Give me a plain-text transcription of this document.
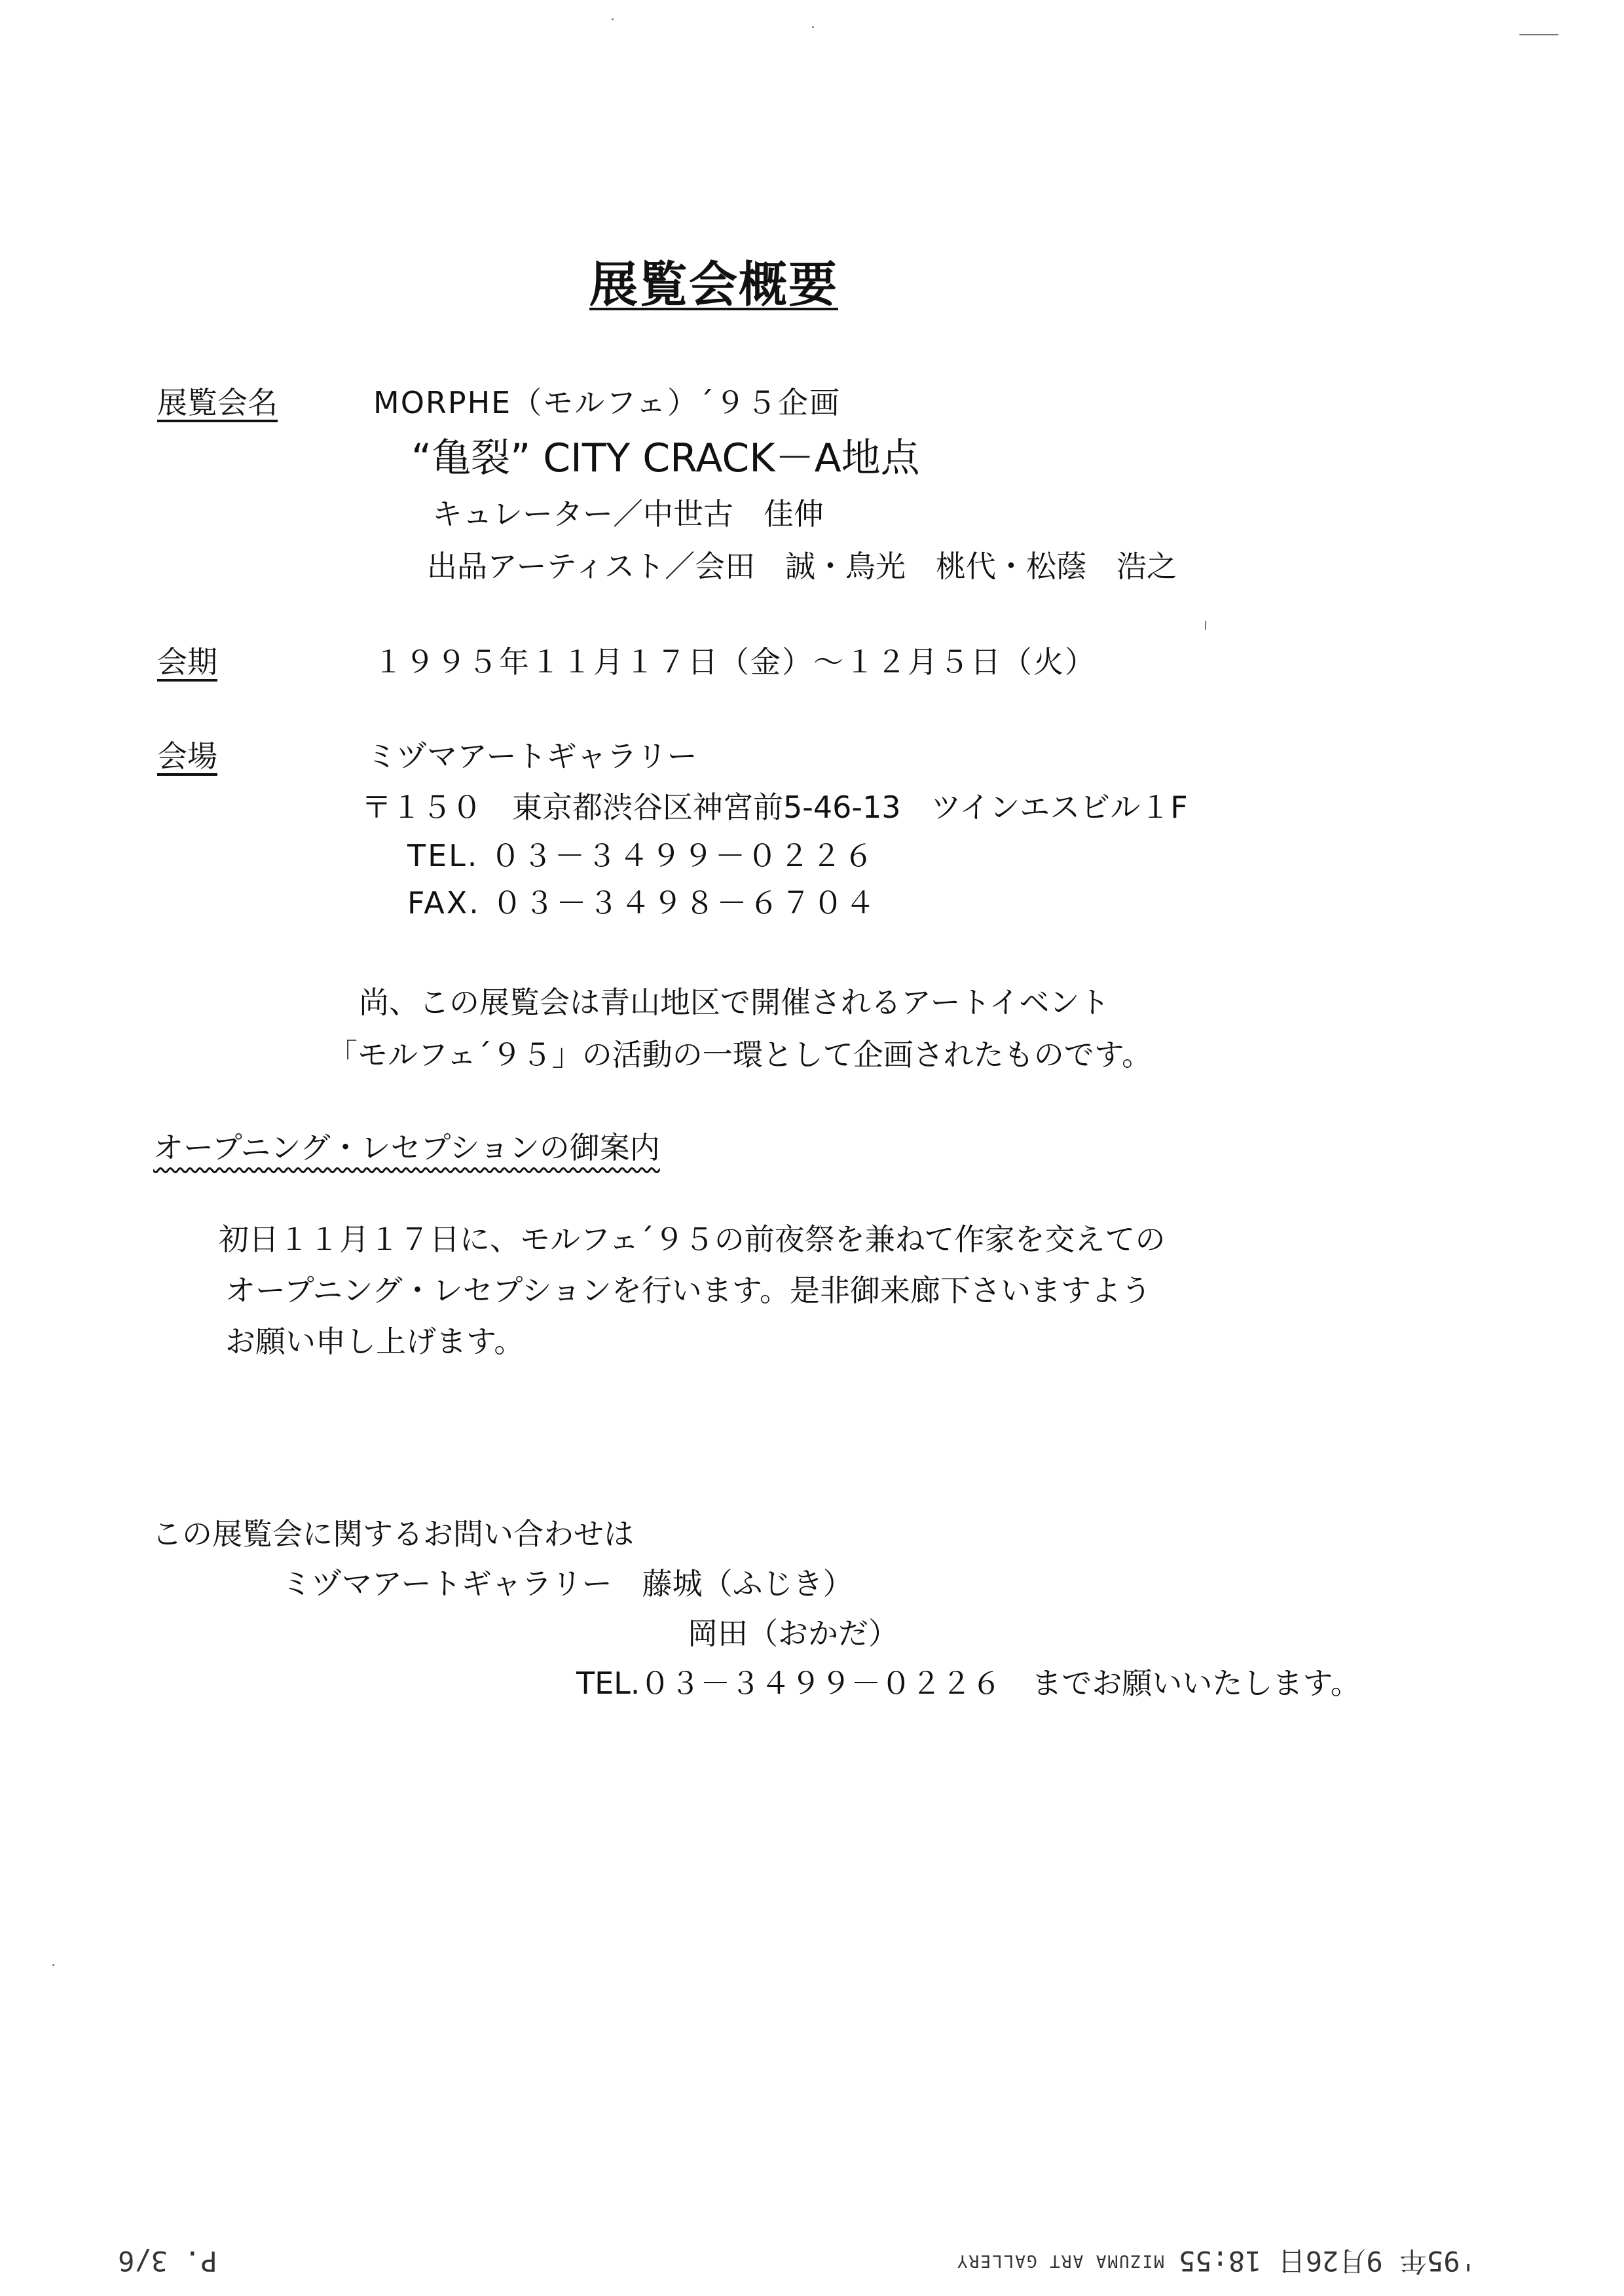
展覧会概要
展覧会名	MORPHE（モルフェ）´９５企画
“亀裂” CITY CRACK－A地点
キュレーター／中世古　佳伸
出品アーティスト／会田　誠・鳥光　桃代・松蔭　浩之
会期	１９９５年１１月１７日（金）～１２月５日（火）
会場	ミヅマアートギャラリー
〒１５０　東京都渋谷区神宮前5-46-13　ツインエスビル１F
TEL. ０３－３４９９－０２２６
FAX. ０３－３４９８－６７０４
尚、この展覧会は青山地区で開催されるアートイベント
「モルフェ´９５」の活動の一環として企画されたものです。
オープニング・レセプションの御案内
初日１１月１７日に、モルフェ´９５の前夜祭を兼ねて作家を交えての
オープニング・レセプションを行います。是非御来廊下さいますよう
お願い申し上げます。
この展覧会に関するお問い合わせは
ミヅマアートギャラリー　藤城（ふじき）
岡田（おかだ）
TEL.０３－３４９９－０２２６　までお願いいたします。
'95年 9月26日 18:55
MIZUMA ART GALLERY
P. 3/6
